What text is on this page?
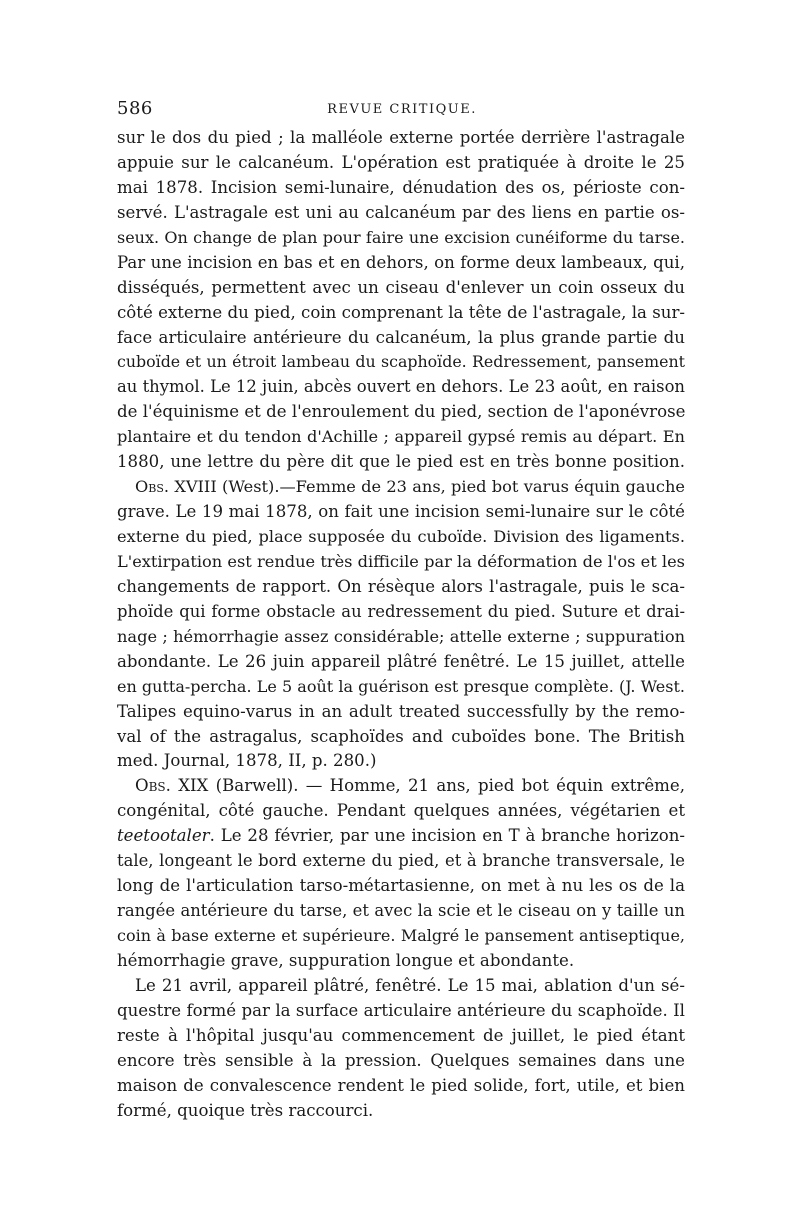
586	REVUE CRITIQUE.
sur le dos du pied ; la malléole externe portée derrière l'astragale
appuie sur le calcanéum. L'opération est pratiquée à droite le 25
mai 1878. Incision semi-lunaire, dénudation des os, périoste con-
servé. L'astragale est uni au calcanéum par des liens en partie os-
seux. On change de plan pour faire une excision cunéiforme du tarse.
Par une incision en bas et en dehors, on forme deux lambeaux, qui,
disséqués, permettent avec un ciseau d'enlever un coin osseux du
côté externe du pied, coin comprenant la tête de l'astragale, la sur-
face articulaire antérieure du calcanéum, la plus grande partie du
cuboïde et un étroit lambeau du scaphoïde. Redressement, pansement
au thymol. Le 12 juin, abcès ouvert en dehors. Le 23 août, en raison
de l'équinisme et de l'enroulement du pied, section de l'aponévrose
plantaire et du tendon d'Achille ; appareil gypsé remis au départ. En
1880, une lettre du père dit que le pied est en très bonne position.
Obs. XVIII (West).—Femme de 23 ans, pied bot varus équin gauche
grave. Le 19 mai 1878, on fait une incision semi-lunaire sur le côté
externe du pied, place supposée du cuboïde. Division des ligaments.
L'extirpation est rendue très difficile par la déformation de l'os et les
changements de rapport. On résèque alors l'astragale, puis le sca-
phoïde qui forme obstacle au redressement du pied. Suture et drai-
nage ; hémorrhagie assez considérable; attelle externe ; suppuration
abondante. Le 26 juin appareil plâtré fenêtré. Le 15 juillet, attelle
en gutta-percha. Le 5 août la guérison est presque complète. (J. West.
Talipes equino-varus in an adult treated successfully by the remo-
val of the astragalus, scaphoïdes and cuboïdes bone. The British
med. Journal, 1878, II, p. 280.)
Obs. XIX (Barwell). — Homme, 21 ans, pied bot équin extrême,
congénital, côté gauche. Pendant quelques années, végétarien et
teetootaler. Le 28 février, par une incision en T à branche horizon-
tale, longeant le bord externe du pied, et à branche transversale, le
long de l'articulation tarso-métartasienne, on met à nu les os de la
rangée antérieure du tarse, et avec la scie et le ciseau on y taille un
coin à base externe et supérieure. Malgré le pansement antiseptique,
hémorrhagie grave, suppuration longue et abondante.
Le 21 avril, appareil plâtré, fenêtré. Le 15 mai, ablation d'un sé-
questre formé par la surface articulaire antérieure du scaphoïde. Il
reste à l'hôpital jusqu'au commencement de juillet, le pied étant
encore très sensible à la pression. Quelques semaines dans une
maison de convalescence rendent le pied solide, fort, utile, et bien
formé, quoique très raccourci.
